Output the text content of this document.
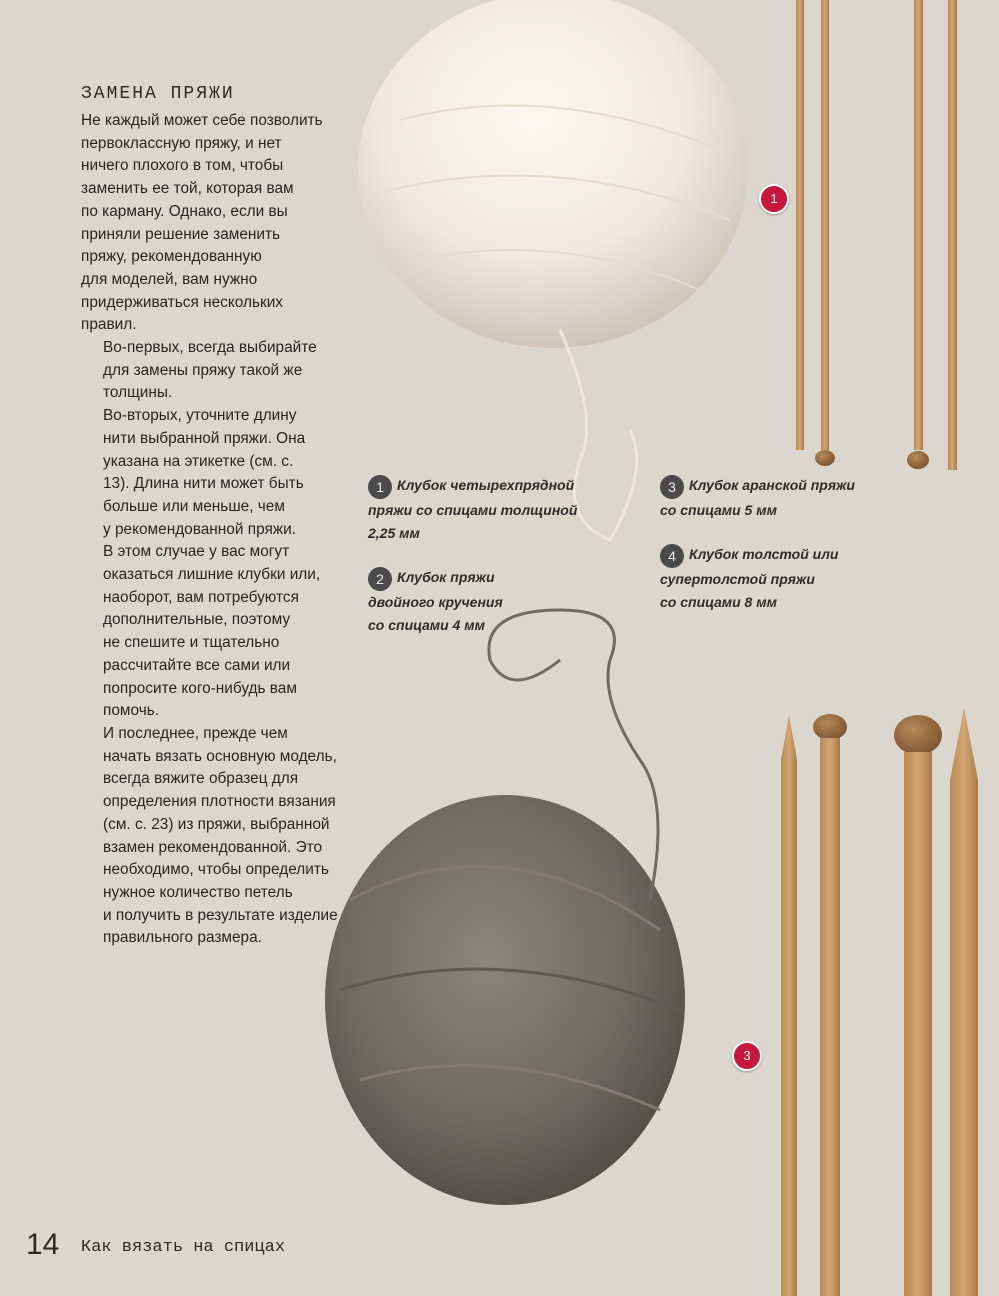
ЗАМЕНА ПРЯЖИ

Не каждый может себе позволить
первоклассную пряжу, и нет
ничего плохого в том, чтобы
заменить ее той, которая вам
по карману. Однако, если вы
приняли решение заменить
пряжу, рекомендованную
для моделей, вам нужно
придерживаться нескольких
правил.

Во-первых, всегда выбирайте
для замены пряжу такой же
толщины.

Во-вторых, уточните длину
нити выбранной пряжи. Она
указана на этикетке (см. с.
13). Длина нити может быть
больше или меньше, чем
у рекомендованной пряжи.
В этом случае у вас могут
оказаться лишние клубки или,
наоборот, вам потребуются
дополнительные, поэтому
не спешите и тщательно
рассчитайте все сами или
попросите кого-нибудь вам
помочь.

И последнее, прежде чем
начать вязать основную модель,
всегда вяжите образец для
определения плотности вязания
(см. с. 23) из пряжи, выбранной
взамен рекомендованной. Это
необходимо, чтобы определить
нужное количество петель
и получить в результате изделие
правильного размера.

1 Клубок четырехпрядной
пряжи со спицами толщиной
2,25 мм
2 Клубок пряжи
двойного кручения
со спицами 4 мм
3 Клубок аранской пряжи
со спицами 5 мм
4 Клубок толстой или
супертолстой пряжи
со спицами 8 мм
1
3
14 Как вязать на спицах
